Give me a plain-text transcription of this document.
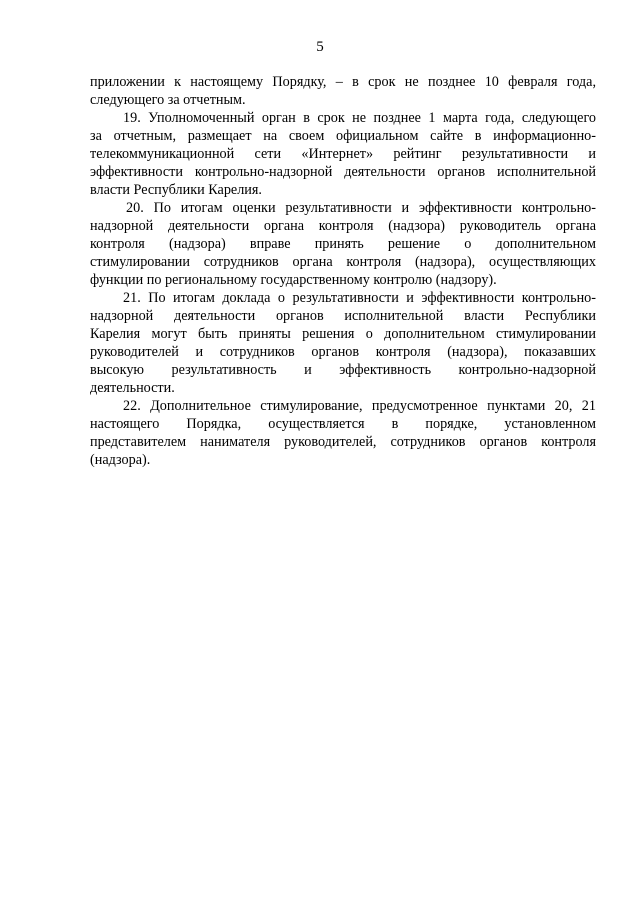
5
приложении к настоящему Порядку, – в срок не позднее 10 февраля года,
следующего за отчетным.
19. Уполномоченный орган в срок не позднее 1 марта года, следующего
за отчетным, размещает на своем официальном сайте в информационно-
телекоммуникационной сети «Интернет» рейтинг результативности и
эффективности контрольно-надзорной деятельности органов исполнительной
власти Республики Карелия.
20. По итогам оценки результативности и эффективности контрольно-
надзорной деятельности органа контроля (надзора) руководитель органа
контроля (надзора) вправе принять решение о дополнительном
стимулировании сотрудников органа контроля (надзора), осуществляющих
функции по региональному государственному контролю (надзору).
21. По итогам доклада о результативности и эффективности контрольно-
надзорной деятельности органов исполнительной власти Республики
Карелия могут быть приняты решения о дополнительном стимулировании
руководителей и сотрудников органов контроля (надзора), показавших
высокую результативность и эффективность контрольно-надзорной
деятельности.
22. Дополнительное стимулирование, предусмотренное пунктами 20, 21
настоящего Порядка, осуществляется в порядке, установленном
представителем нанимателя руководителей, сотрудников органов контроля
(надзора).
